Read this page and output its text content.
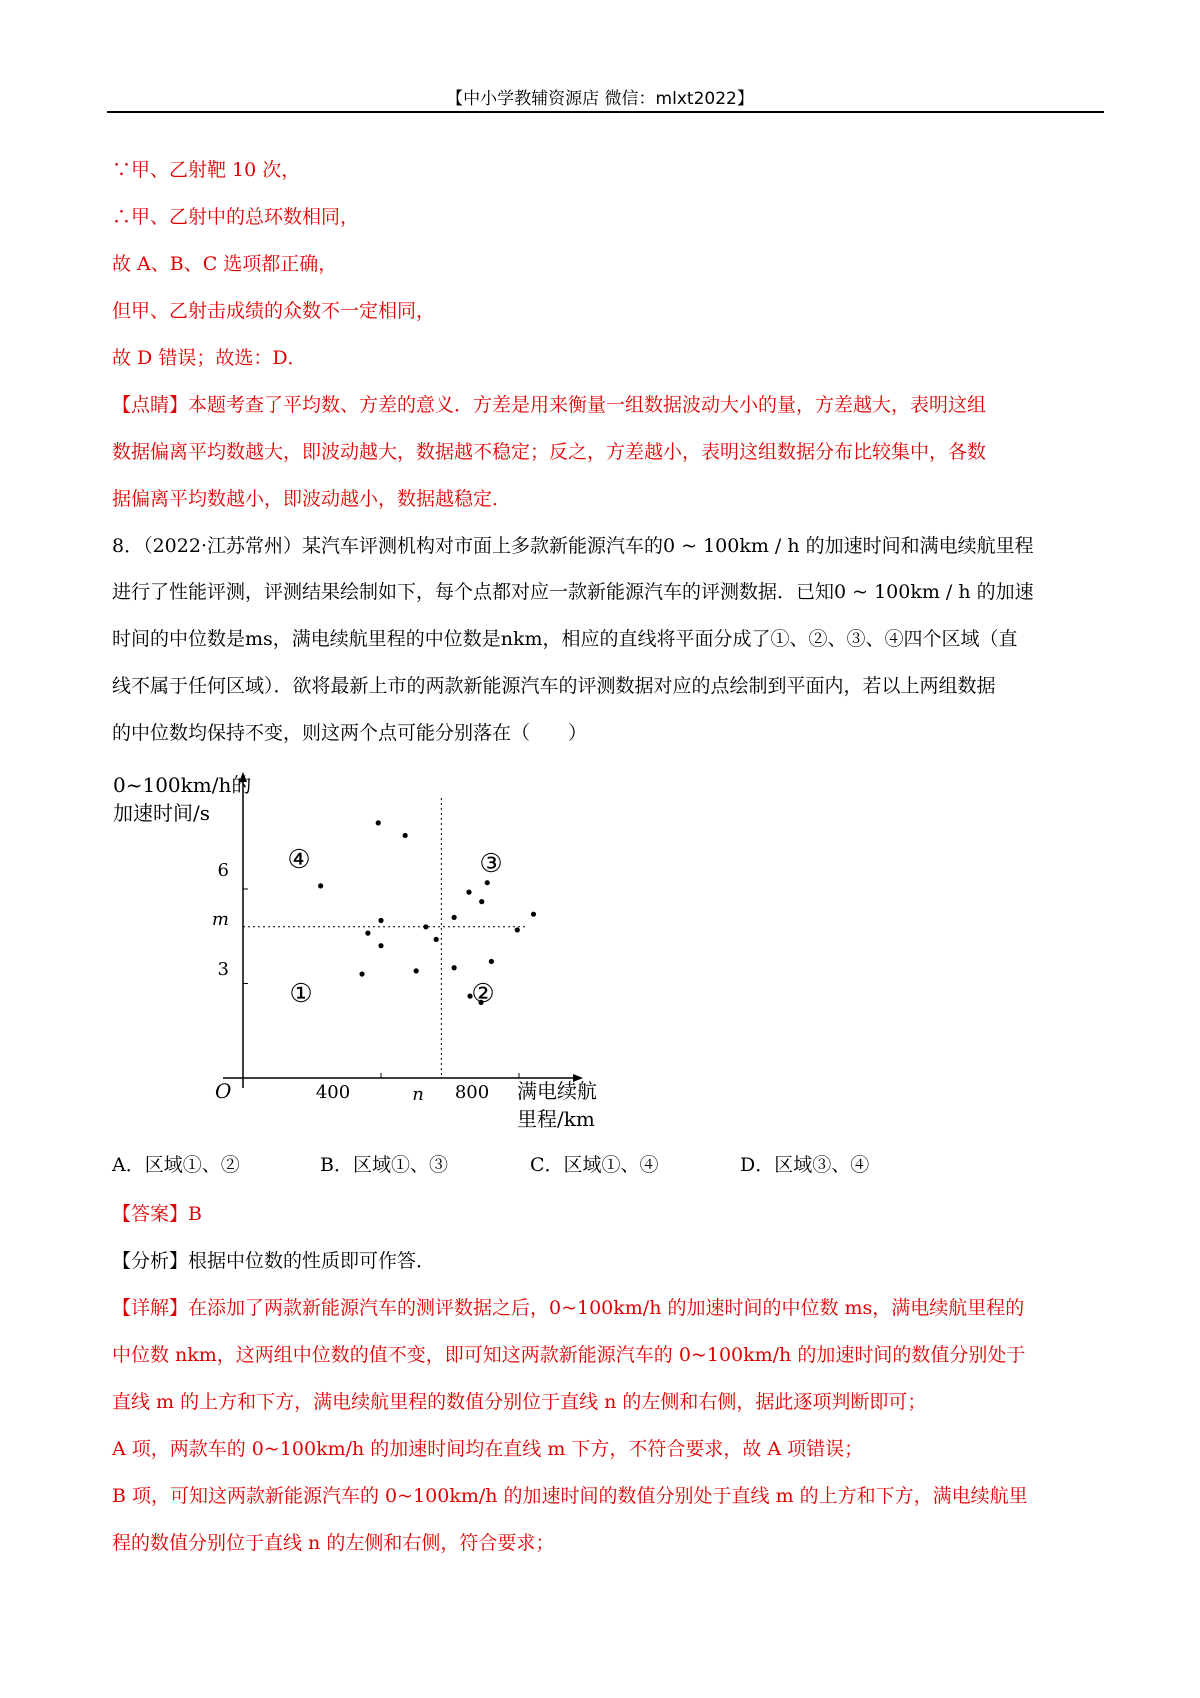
【中小学教辅资源店 微信：mlxt2022】
∵甲、乙射靶 10 次，
∴甲、乙射中的总环数相同，
故 A、B、C 选项都正确，
但甲、乙射击成绩的众数不一定相同，
故 D 错误；故选：D．
【点睛】本题考查了平均数、方差的意义．方差是用来衡量一组数据波动大小的量，方差越大，表明这组
数据偏离平均数越大，即波动越大，数据越不稳定；反之，方差越小，表明这组数据分布比较集中，各数
据偏离平均数越小，即波动越小，数据越稳定．
8．（2022·江苏常州）某汽车评测机构对市面上多款新能源汽车的0 ~ 100km / h 的加速时间和满电续航里程
进行了性能评测，评测结果绘制如下，每个点都对应一款新能源汽车的评测数据．已知0 ~ 100km / h 的加速
时间的中位数是ms，满电续航里程的中位数是nkm，相应的直线将平面分成了①、②、③、④四个区域（直
线不属于任何区域）．欲将最新上市的两款新能源汽车的评测数据对应的点绘制到平面内，若以上两组数据
的中位数均保持不变，则这两个点可能分别落在（　　）
0~100km/h的
加速时间/s
满电续航
里程/km
O	400	n 800
6
m
3
①	②
③
④
A．区域①、②	B．区域①、③	C．区域①、④	D．区域③、④
【答案】B
【分析】根据中位数的性质即可作答．
【详解】在添加了两款新能源汽车的测评数据之后，0~100km/h 的加速时间的中位数 ms，满电续航里程的
中位数 nkm，这两组中位数的值不变，即可知这两款新能源汽车的 0~100km/h 的加速时间的数值分别处于
直线 m 的上方和下方，满电续航里程的数值分别位于直线 n 的左侧和右侧，据此逐项判断即可；
A 项，两款车的 0~100km/h 的加速时间均在直线 m 下方，不符合要求，故 A 项错误；
B 项，可知这两款新能源汽车的 0~100km/h 的加速时间的数值分别处于直线 m 的上方和下方，满电续航里
程的数值分别位于直线 n 的左侧和右侧，符合要求；
